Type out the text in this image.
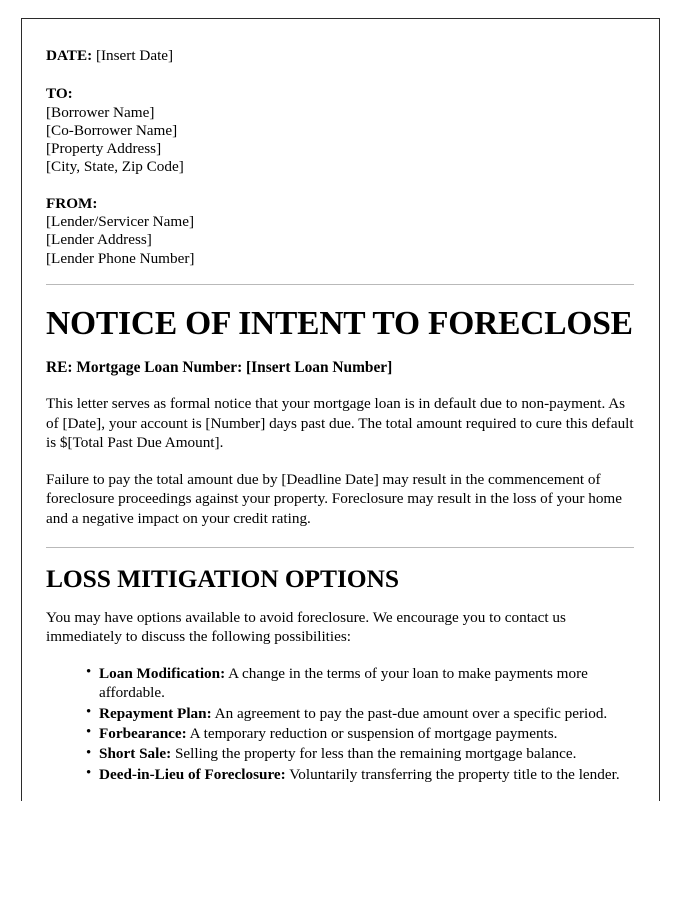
DATE: [Insert Date]
TO:
[Borrower Name]
[Co-Borrower Name]
[Property Address]
[City, State, Zip Code]
FROM:
[Lender/Servicer Name]
[Lender Address]
[Lender Phone Number]
NOTICE OF INTENT TO FORECLOSE
RE: Mortgage Loan Number: [Insert Loan Number]

This letter serves as formal notice that your mortgage loan is in default due to non-payment. As of [Date], your account is [Number] days past due. The total amount required to cure this default is $[Total Past Due Amount].

Failure to pay the total amount due by [Deadline Date] may result in the commencement of foreclosure proceedings against your property. Foreclosure may result in the loss of your home and a negative impact on your credit rating.

LOSS MITIGATION OPTIONS

You may have options available to avoid foreclosure. We encourage you to contact us immediately to discuss the following possibilities:

• Loan Modification: A change in the terms of your loan to make payments more affordable.
• Repayment Plan: An agreement to pay the past-due amount over a specific period.
• Forbearance: A temporary reduction or suspension of mortgage payments.
• Short Sale: Selling the property for less than the remaining mortgage balance.
• Deed-in-Lieu of Foreclosure: Voluntarily transferring the property title to the lender.
